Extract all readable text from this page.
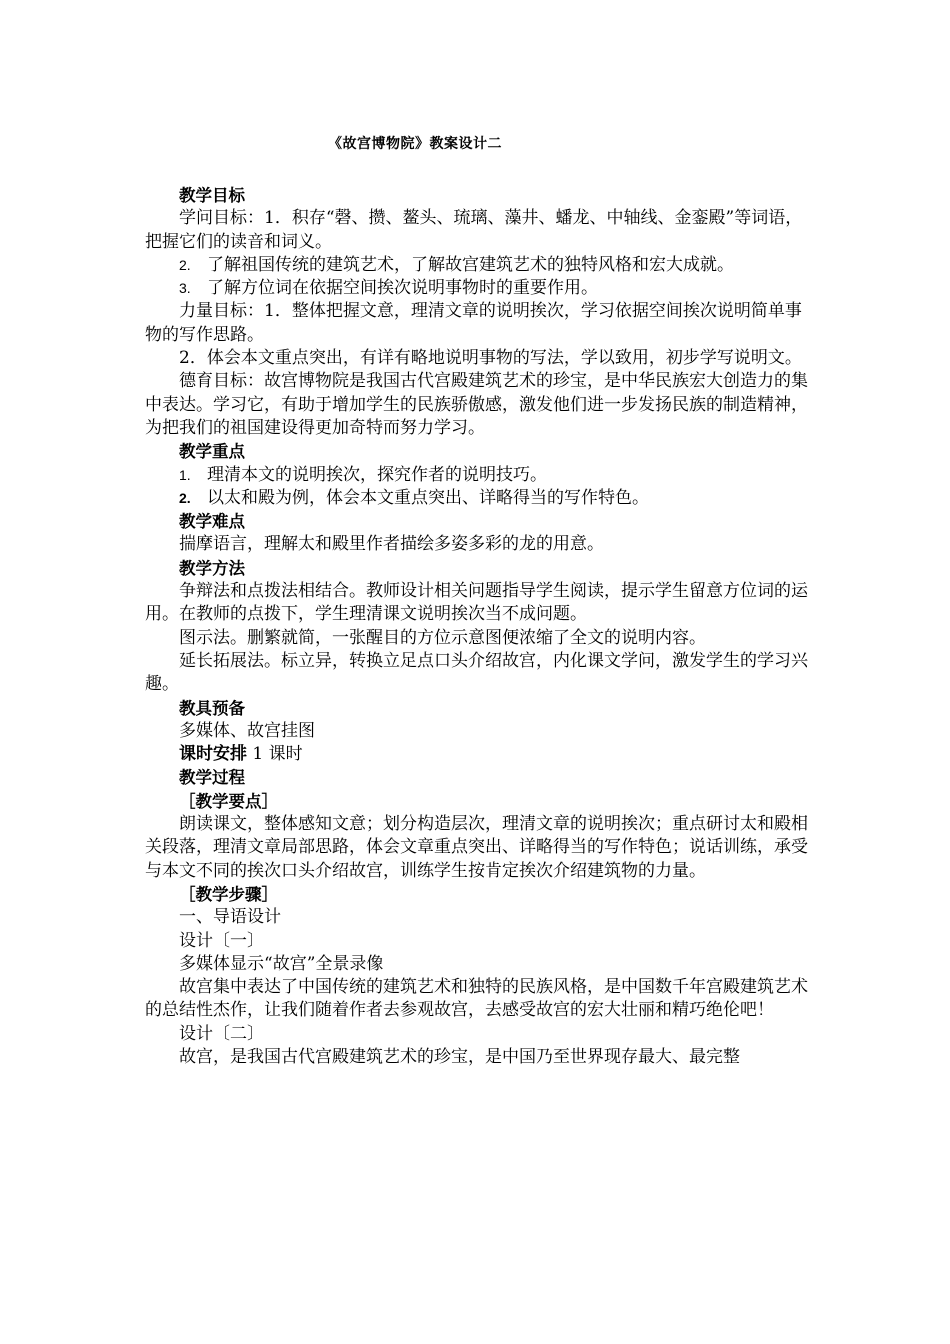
《故宫博物院》教案设计二

教学目标

学问目标：1．积存“磬、攒、鳌头、琉璃、藻井、蟠龙、中轴线、金銮殿”等词语，把握它们的读音和词义。

2. 了解祖国传统的建筑艺术，了解故宫建筑艺术的独特风格和宏大成就。

3. 了解方位词在依据空间挨次说明事物时的重要作用。

力量目标：1．整体把握文意，理清文章的说明挨次，学习依据空间挨次说明简单事物的写作思路。

2．体会本文重点突出，有详有略地说明事物的写法，学以致用，初步学写说明文。

德育目标：故宫博物院是我国古代宫殿建筑艺术的珍宝，是中华民族宏大创造力的集中表达。学习它，有助于增加学生的民族骄傲感，激发他们进一步发扬民族的制造精神，为把我们的祖国建设得更加奇特而努力学习。

教学重点

1. 理清本文的说明挨次，探究作者的说明技巧。

2. 以太和殿为例，体会本文重点突出、详略得当的写作特色。

教学难点

揣摩语言，理解太和殿里作者描绘多姿多彩的龙的用意。

教学方法

争辩法和点拨法相结合。教师设计相关问题指导学生阅读，提示学生留意方位词的运用。在教师的点拨下，学生理清课文说明挨次当不成问题。

图示法。删繁就简，一张醒目的方位示意图便浓缩了全文的说明内容。

延长拓展法。标立异，转换立足点口头介绍故宫，内化课文学问，激发学生的学习兴趣。

教具预备

多媒体、故宫挂图

课时安排 1 课时

教学过程

［教学要点］

朗读课文，整体感知文意；划分构造层次，理清文章的说明挨次；重点研讨太和殿相关段落，理清文章局部思路，体会文章重点突出、详略得当的写作特色；说话训练，承受与本文不同的挨次口头介绍故宫，训练学生按肯定挨次介绍建筑物的力量。

［教学步骤］

一、导语设计

设计〔一〕

多媒体显示“故宫”全景录像

故宫集中表达了中国传统的建筑艺术和独特的民族风格，是中国数千年宫殿建筑艺术的总结性杰作，让我们随着作者去参观故宫，去感受故宫的宏大壮丽和精巧绝伦吧！

设计〔二〕

故宫，是我国古代宫殿建筑艺术的珍宝，是中国乃至世界现存最大、最完整
